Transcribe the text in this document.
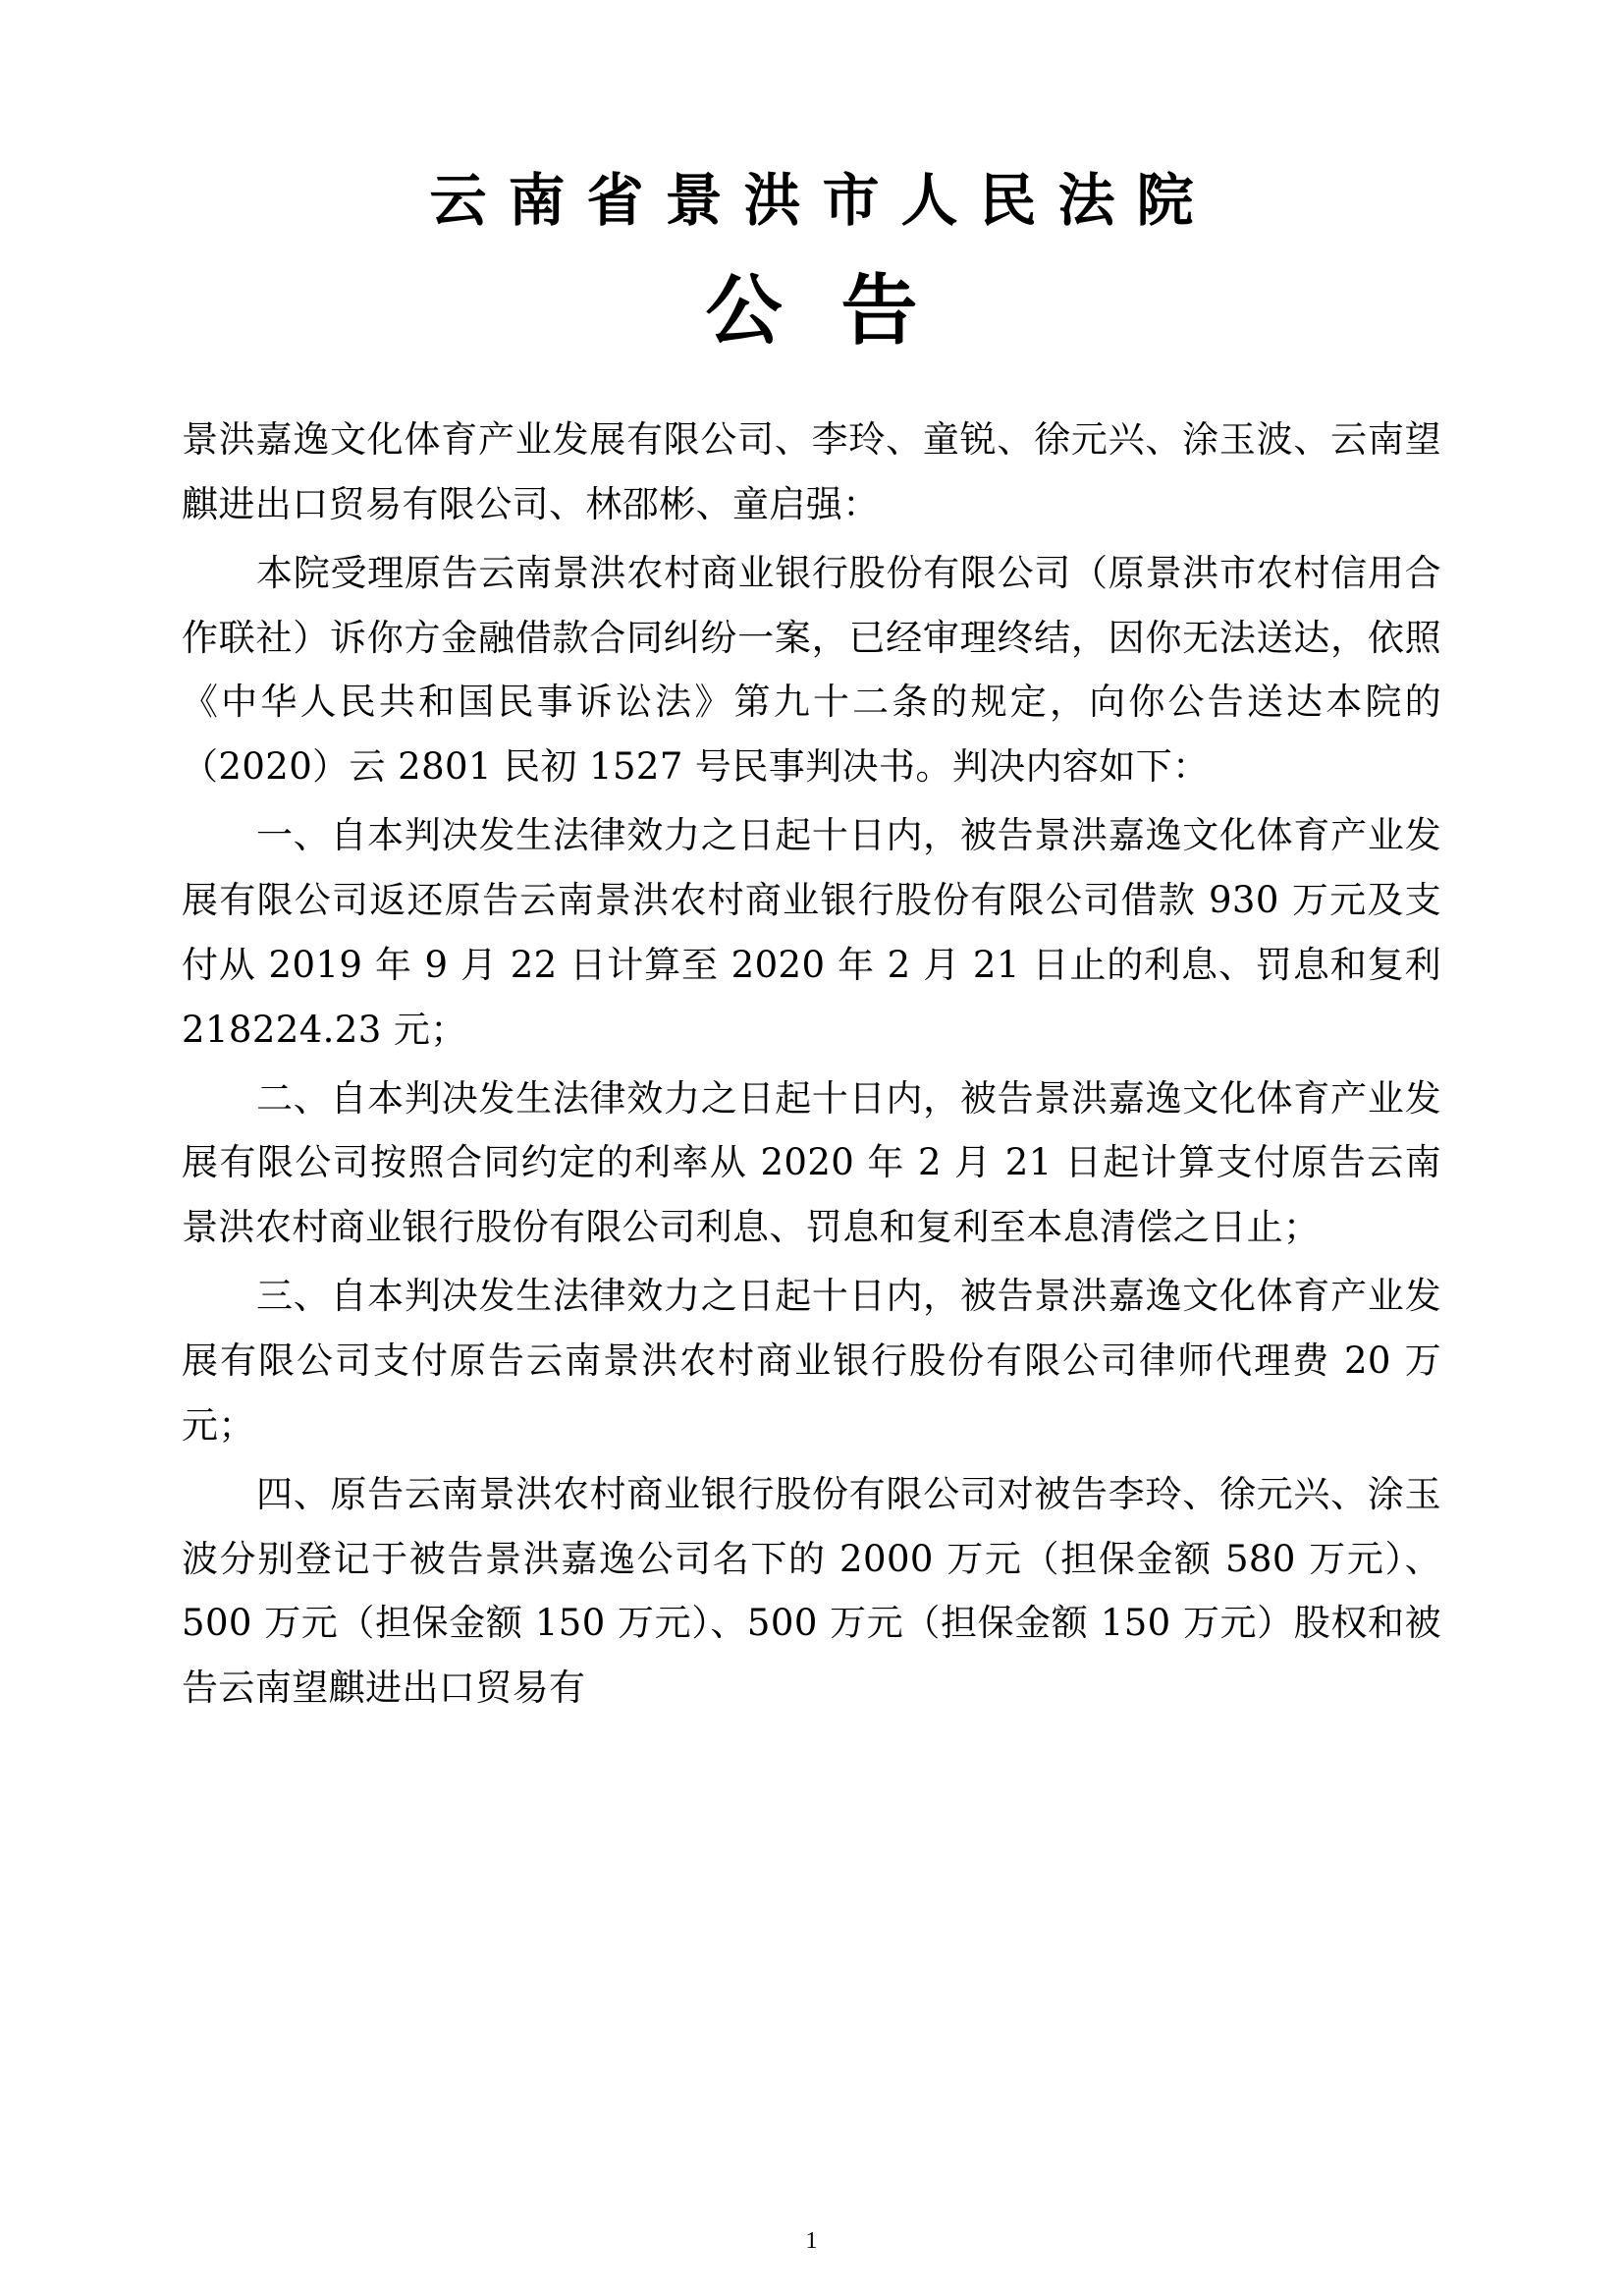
云南省景洪市人民法院
公告

景洪嘉逸文化体育产业发展有限公司、李玲、童锐、徐元兴、涂玉波、云南望麒进出口贸易有限公司、林邵彬、童启强：

本院受理原告云南景洪农村商业银行股份有限公司（原景洪市农村信用合作联社）诉你方金融借款合同纠纷一案，已经审理终结，因你无法送达，依照《中华人民共和国民事诉讼法》第九十二条的规定，向你公告送达本院的（2020）云 2801 民初 1527 号民事判决书。判决内容如下：

一、自本判决发生法律效力之日起十日内，被告景洪嘉逸文化体育产业发展有限公司返还原告云南景洪农村商业银行股份有限公司借款 930 万元及支付从 2019 年 9 月 22 日计算至 2020 年 2 月 21 日止的利息、罚息和复利 218224.23 元；

二、自本判决发生法律效力之日起十日内，被告景洪嘉逸文化体育产业发展有限公司按照合同约定的利率从 2020 年 2 月 21 日起计算支付原告云南景洪农村商业银行股份有限公司利息、罚息和复利至本息清偿之日止；

三、自本判决发生法律效力之日起十日内，被告景洪嘉逸文化体育产业发展有限公司支付原告云南景洪农村商业银行股份有限公司律师代理费 20 万元；

四、原告云南景洪农村商业银行股份有限公司对被告李玲、徐元兴、涂玉波分别登记于被告景洪嘉逸公司名下的 2000 万元（担保金额 580 万元）、500 万元（担保金额 150 万元）、500 万元（担保金额 150 万元）股权和被告云南望麒进出口贸易有

1
